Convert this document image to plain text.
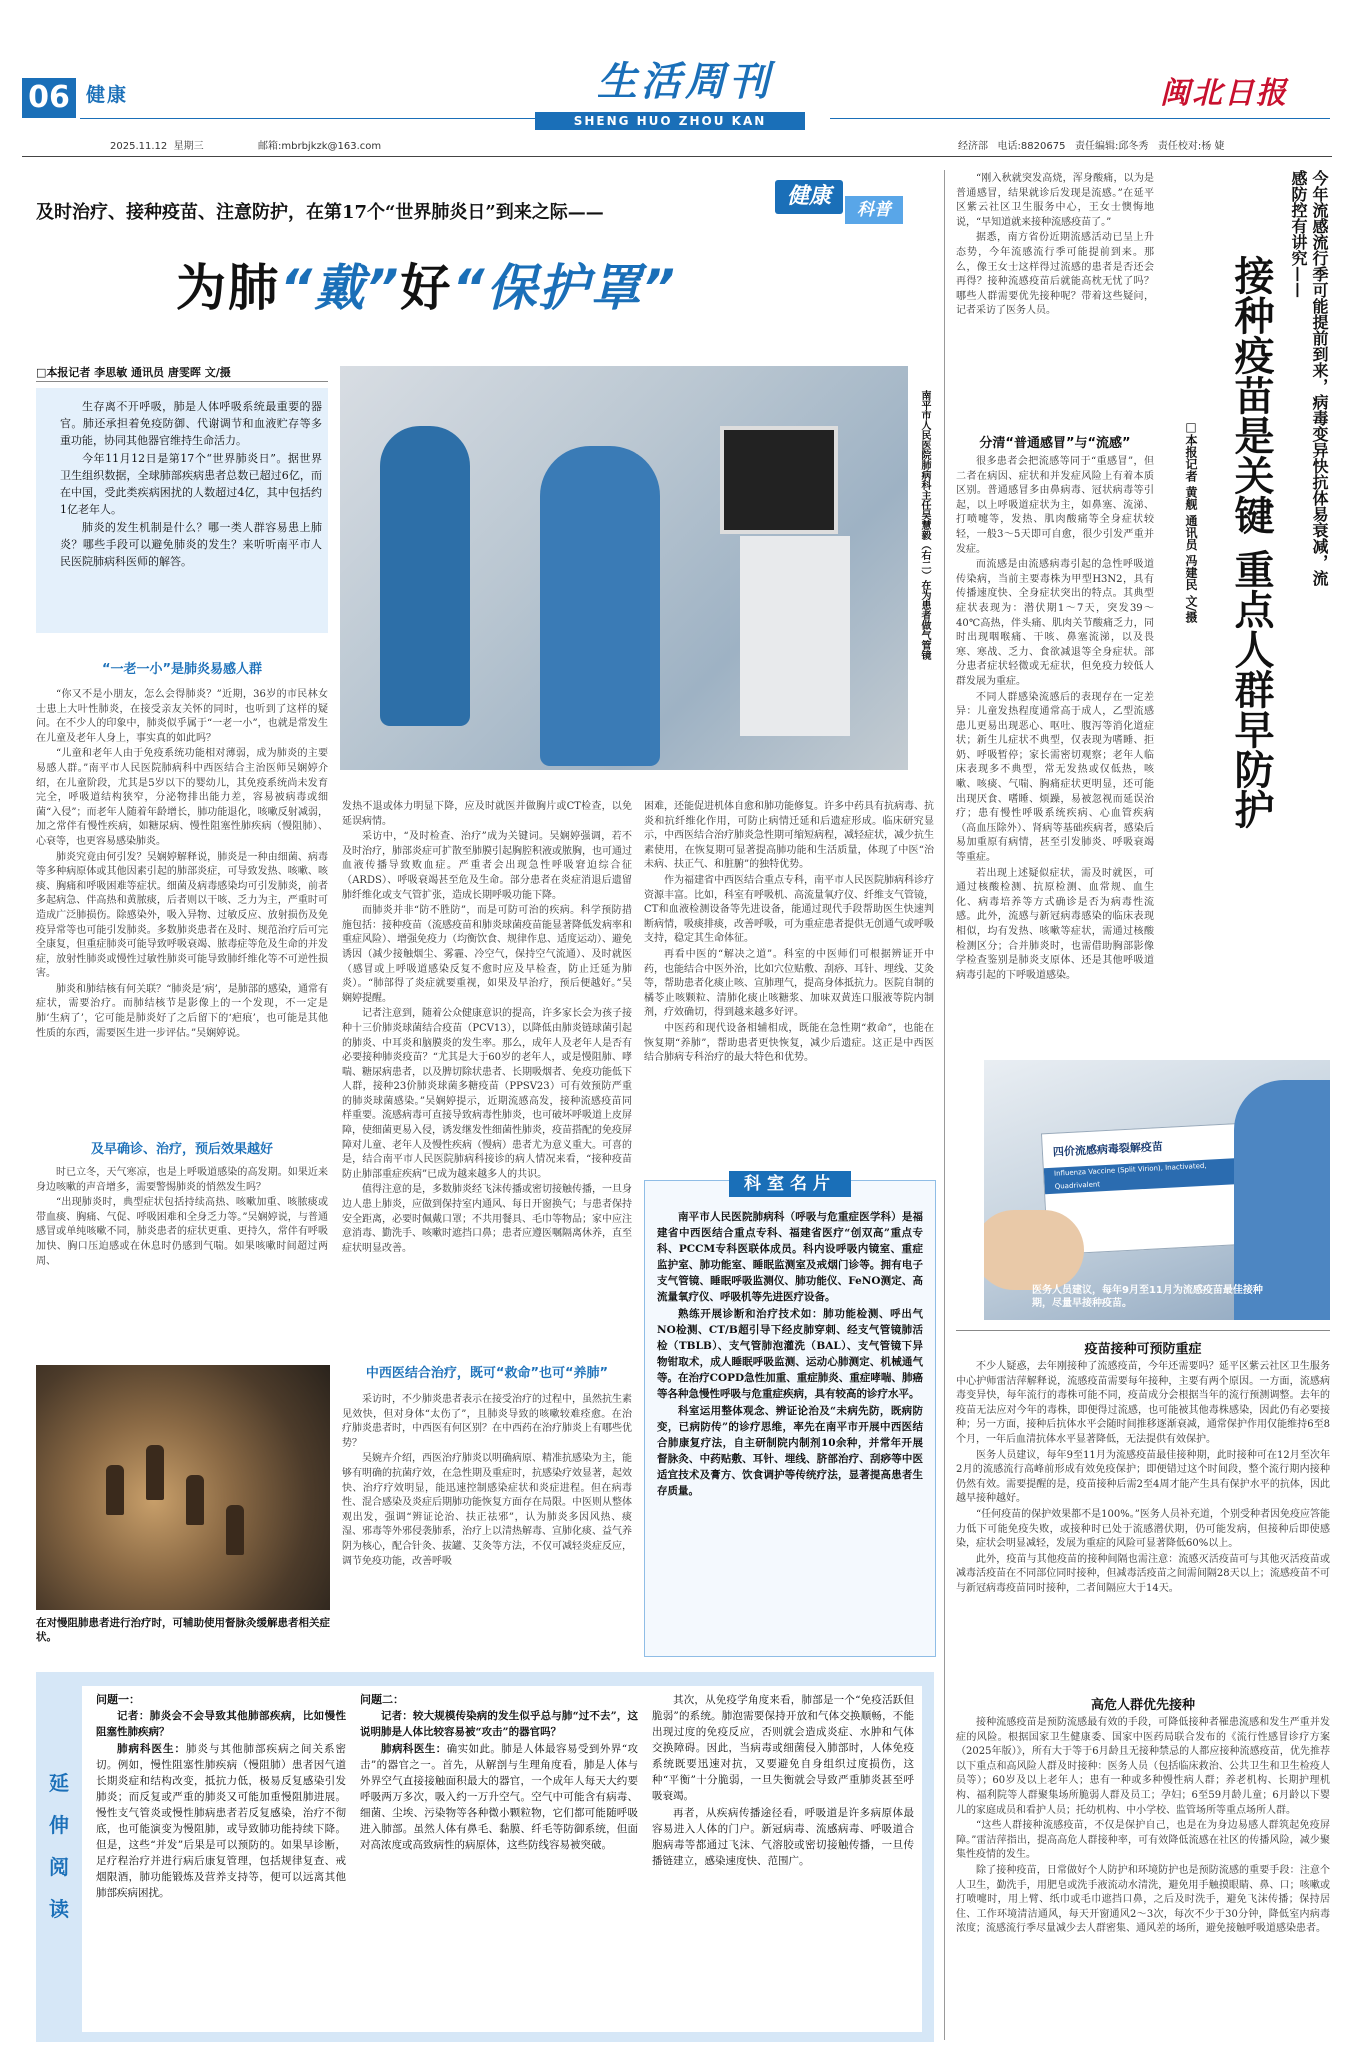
06 健康
2025.11.12 星期三	邮箱:mbrbjkzk@163.com
生活周刊
SHENG HUO ZHOU KAN
闽北日报
经济部 电话:8820675 责任编辑:邱冬秀 责任校对:杨 婕
及时治疗、接种疫苗、注意防护，在第17个“世界肺炎日”到来之际——
健康
科普
为肺“戴”好“保护罩”
□本报记者 李思敏 通讯员 唐雯晖 文/摄

生存离不开呼吸，肺是人体呼吸系统最重要的器官。肺还承担着免疫防御、代谢调节和血液贮存等多重功能，协同其他器官维持生命活力。

今年11月12日是第17个“世界肺炎日”。据世界卫生组织数据，全球肺部疾病患者总数已超过6亿，而在中国，受此类疾病困扰的人数超过4亿，其中包括约1亿老年人。

肺炎的发生机制是什么？哪一类人群容易患上肺炎？哪些手段可以避免肺炎的发生？来听听南平市人民医院肺病科医师的解答。	南平市人民医院肺病科主任吴慧毅（右二）在为患者做气管镜
“一老一小”是肺炎易感人群

“你又不是小朋友，怎么会得肺炎？”近期，36岁的市民林女士患上大叶性肺炎，在接受亲友关怀的同时，也听到了这样的疑问。在不少人的印象中，肺炎似乎属于“一老一小”，也就是常发生在儿童及老年人身上，事实真的如此吗？

“儿童和老年人由于免疫系统功能相对薄弱，成为肺炎的主要易感人群。”南平市人民医院肺病科中西医结合主治医师吴娴婷介绍，在儿童阶段，尤其是5岁以下的婴幼儿，其免疫系统尚未发育完全，呼吸道结构狭窄，分泌物排出能力差，容易被病毒或细菌“入侵”；而老年人随着年龄增长，肺功能退化，咳嗽反射减弱，加之常伴有慢性疾病，如糖尿病、慢性阻塞性肺疾病（慢阻肺）、心衰等，也更容易感染肺炎。

肺炎究竟由何引发？吴娴婷解释说，肺炎是一种由细菌、病毒等多种病原体或其他因素引起的肺部炎症，可导致发热、咳嗽、咳痰、胸痛和呼吸困难等症状。细菌及病毒感染均可引发肺炎，前者多起病急、伴高热和黄脓痰，后者则以干咳、乏力为主，严重时可造成广泛肺损伤。除感染外，吸入异物、过敏反应、放射损伤及免疫异常等也可能引发肺炎。多数肺炎患者在及时、规范治疗后可完全康复，但重症肺炎可能导致呼吸衰竭、脓毒症等危及生命的并发症，放射性肺炎或慢性过敏性肺炎可能导致肺纤维化等不可逆性损害。

肺炎和肺结核有何关联？“肺炎是‘病’，是肺部的感染，通常有症状，需要治疗。而肺结核节是影像上的一个发现，不一定是肺‘生病了’，它可能是肺炎好了之后留下的‘疤痕’，也可能是其他性质的东西，需要医生进一步评估。”吴娴婷说。

及早确诊、治疗，预后效果越好

时已立冬，天气寒凉，也是上呼吸道感染的高发期。如果近来身边咳嗽的声音增多，需要警惕肺炎的悄然发生吗？

“出现肺炎时，典型症状包括持续高热、咳嗽加重、咳脓痰或带血痰、胸痛、气促、呼吸困难和全身乏力等。”吴娴婷说，与普通感冒或单纯咳嗽不同，肺炎患者的症状更重、更持久，常伴有呼吸加快、胸口压迫感或在休息时仍感到气喘。如果咳嗽时间超过两周、

在对慢阻肺患者进行治疗时，可辅助使用督脉灸缓解患者相关症状。

发热不退或体力明显下降，应及时就医并做胸片或CT检查，以免延误病情。

采访中，“及时检查、治疗”成为关键词。吴娴婷强调，若不及时治疗，肺部炎症可扩散至肺膜引起胸腔积液或脓胸，也可通过血液传播导致败血症。严重者会出现急性呼吸窘迫综合征（ARDS）、呼吸衰竭甚至危及生命。部分患者在炎症消退后遗留肺纤维化或支气管扩张，造成长期呼吸功能下降。

而肺炎并非“防不胜防”，而是可防可治的疾病。科学预防措施包括：接种疫苗（流感疫苗和肺炎球菌疫苗能显著降低发病率和重症风险）、增强免疫力（均衡饮食、规律作息、适度运动）、避免诱因（减少接触烟尘、雾霾、冷空气，保持空气流通）、及时就医（感冒或上呼吸道感染反复不愈时应及早检查，防止迁延为肺炎）。“肺部得了炎症就要重视，如果及早治疗，预后便越好。”吴娴婷提醒。

记者注意到，随着公众健康意识的提高，许多家长会为孩子接种十三价肺炎球菌结合疫苗（PCV13），以降低由肺炎链球菌引起的肺炎、中耳炎和脑膜炎的发生率。那么，成年人及老年人是否有必要接种肺炎疫苗？“尤其是大于60岁的老年人，或是慢阻肺、哮喘、糖尿病患者，以及脾切除状患者、长期吸烟者、免疫功能低下人群，接种23价肺炎球菌多糖疫苗（PPSV23）可有效预防严重的肺炎球菌感染。”吴娴婷提示，近期流感高发，接种流感疫苗同样重要。流感病毒可直接导致病毒性肺炎，也可破坏呼吸道上皮屏障，使细菌更易入侵，诱发继发性细菌性肺炎，疫苗搭配的免疫屏障对儿童、老年人及慢性疾病（慢病）患者尤为意义重大。可喜的是，结合南平市人民医院肺病科接诊的病人情况来看，“接种疫苗防止肺部重症疾病”已成为越来越多人的共识。

值得注意的是，多数肺炎经飞沫传播或密切接触传播，一旦身边人患上肺炎，应做到保持室内通风、每日开窗换气；与患者保持安全距离，必要时佩戴口罩；不共用餐具、毛巾等物品；家中应注意消毒、勤洗手、咳嗽时遮挡口鼻；患者应遵医嘱隔离休养，直至症状明显改善。

中西医结合治疗，既可“救命”也可“养肺”

采访时，不少肺炎患者表示在接受治疗的过程中，虽然抗生素见效快，但对身体“太伤了”，且肺炎导致的咳嗽较难痊愈。在治疗肺炎患者时，中西医有何区别？在中西药在治疗肺炎上有哪些优势？

吴婉卉介绍，西医治疗肺炎以明确病原、精准抗感染为主，能够有明确的抗菌疗效，在急性期及重症时，抗感染疗效显著，起效快、治疗疗效明显，能迅速控制感染症状和炎症进程。但在病毒性、混合感染及炎症后期肺功能恢复方面存在局限。中医则从整体观出发，强调“辨证论治、扶正祛邪”，认为肺炎多因风热、痰湿、邪毒等外邪侵袭肺系，治疗上以清热解毒、宣肺化痰、益气养阴为核心，配合针灸、拔罐、艾灸等方法，不仅可减轻炎症反应，调节免疫功能，改善呼吸

困难，还能促进机体自愈和肺功能修复。许多中药具有抗病毒、抗炎和抗纤维化作用，可防止病情迁延和后遗症形成。临床研究显示，中西医结合治疗肺炎急性期可缩短病程，减轻症状，减少抗生素使用，在恢复期可显著提高肺功能和生活质量，体现了中医“治未病、扶正气、和脏腑”的独特优势。

作为福建省中西医结合重点专科，南平市人民医院肺病科诊疗资源丰富。比如，科室有呼吸机、高流量氧疗仪、纤维支气管镜，CT和血液检测设备等先进设备，能通过现代手段帮助医生快速判断病情，吸痰排痰，改善呼吸，可为重症患者提供无创通气或呼吸支持，稳定其生命体征。

再看中医的“解决之道”。科室的中医师们可根据辨证开中药，也能结合中医外治，比如穴位贴敷、刮痧、耳针、埋线、艾灸等，帮助患者化痰止咳、宣肺理气，提高身体抵抗力。医院自制的橘苓止咳颗粒、清肺化痰止咳糖浆、加味双黄连口服液等院内制剂，疗效确切，得到越来越多好评。

中医药和现代设备相辅相成，既能在急性期“救命”，也能在恢复期“养肺”，帮助患者更快恢复，减少后遗症。这正是中西医结合肺病专科治疗的最大特色和优势。

科室名片

南平市人民医院肺病科（呼吸与危重症医学科）是福建省中西医结合重点专科、福建省医疗“创双高”重点专科、PCCM专科医联体成员。科内设呼吸内镜室、重症监护室、肺功能室、睡眠监测室及戒烟门诊等。拥有电子支气管镜、睡眠呼吸监测仪、肺功能仪、FeNO测定、高流量氧疗仪、呼吸机等先进医疗设备。

熟练开展诊断和治疗技术如：肺功能检测、呼出气NO检测、CT/B超引导下经皮肺穿刺、经支气管镜肺活检（TBLB）、支气管肺泡灌洗（BAL）、支气管镜下异物钳取术，成人睡眠呼吸监测、运动心肺测定、机械通气等。在治疗COPD急性加重、重症肺炎、重症哮喘、肺癌等各种急慢性呼吸与危重症疾病，具有较高的诊疗水平。

科室运用整体观念、辨证论治及“未病先防，既病防变，已病防传”的诊疗思维，率先在南平市开展中西医结合肺康复疗法，自主研制院内制剂10余种，并常年开展督脉灸、中药贴敷、耳针、埋线、脐部治疗、刮痧等中医适宜技术及膏方、饮食调护等传统疗法，显著提高患者生存质量。

延
伸
阅
读
问题一：

记者：肺炎会不会导致其他肺部疾病，比如慢性阻塞性肺疾病？

肺病科医生：肺炎与其他肺部疾病之间关系密切。例如，慢性阻塞性肺疾病（慢阻肺）患者因气道长期炎症和结构改变，抵抗力低，极易反复感染引发肺炎；而反复或严重的肺炎又可能加重慢阻肺进展。慢性支气管炎或慢性肺病患者若反复感染，治疗不彻底，也可能演变为慢阻肺，或导致肺功能持续下降。但是，这些“并发”后果是可以预防的。如果早诊断，足疗程治疗并进行病后康复管理，包括规律复查、戒烟限酒，肺功能锻炼及营养支持等，便可以远离其他肺部疾病困扰。

问题二：

记者：较大规模传染病的发生似乎总与肺“过不去”，这说明肺是人体比较容易被“攻击”的器官吗？

肺病科医生：确实如此。肺是人体最容易受到外界“攻击”的器官之一。首先，从解剖与生理角度看，肺是人体与外界空气直接接触面积最大的器官，一个成年人每天大约要呼吸两万多次，吸入约一万升空气。空气中可能含有病毒、细菌、尘埃、污染物等各种微小颗粒物，它们都可能随呼吸进入肺部。虽然人体有鼻毛、黏膜、纤毛等防御系统，但面对高浓度或高致病性的病原体，这些防线容易被突破。

其次，从免疫学角度来看，肺部是一个“免疫活跃但脆弱”的系统。肺泡需要保持开放和气体交换顺畅，不能出现过度的免疫反应，否则就会造成炎症、水肿和气体交换障碍。因此，当病毒或细菌侵入肺部时，人体免疫系统既要迅速对抗，又要避免自身组织过度损伤，这种“平衡”十分脆弱，一旦失衡就会导致严重肺炎甚至呼吸衰竭。

再者，从疾病传播途径看，呼吸道是许多病原体最容易进入人体的门户。新冠病毒、流感病毒、呼吸道合胞病毒等都通过飞沫、气溶胶或密切接触传播，一旦传播链建立，感染速度快、范围广。

“刚入秋就突发高烧，浑身酸痛，以为是普通感冒，结果就诊后发现是流感。”在延平区紫云社区卫生服务中心，王女士懊悔地说，“早知道就来接种流感疫苗了。”

据悉，南方省份近期流感活动已呈上升态势，今年流感流行季可能提前到来。那么，像王女士这样得过流感的患者是否还会再得？接种流感疫苗后就能高枕无忧了吗？哪些人群需要优先接种呢？带着这些疑问，记者采访了医务人员。	今年流感流行季可能提前到来，病毒变异快抗体易衰减，流感防控有讲究——
接种疫苗是关键 重点人群早防护
□本报记者 黄舰 通讯员 冯建民 文/摄
分清“普通感冒”与“流感”

很多患者会把流感等同于“重感冒”，但二者在病因、症状和并发症风险上有着本质区别。普通感冒多由鼻病毒、冠状病毒等引起，以上呼吸道症状为主，如鼻塞、流涕、打喷嚏等，发热、肌肉酸痛等全身症状较轻，一般3～5天即可自愈，很少引发严重并发症。

而流感是由流感病毒引起的急性呼吸道传染病，当前主要毒株为甲型H3N2，具有传播速度快、全身症状突出的特点。其典型症状表现为：潜伏期1～7天，突发39～40℃高热，伴头痛、肌肉关节酸痛乏力，同时出现咽喉痛、干咳、鼻塞流涕，以及畏寒、寒战、乏力、食欲减退等全身症状。部分患者症状轻微或无症状，但免疫力较低人群发展为重症。

不同人群感染流感后的表现存在一定差异：儿童发热程度通常高于成人，乙型流感患儿更易出现恶心、呕吐、腹泻等消化道症状；新生儿症状不典型，仅表现为嗜睡、拒奶、呼吸暂停；家长需密切观察；老年人临床表现多不典型，常无发热或仅低热，咳嗽、咳痰、气喘、胸痛症状更明显，还可能出现厌食、嗜睡、烦躁，易被忽视而延误治疗；患有慢性呼吸系统疾病、心血管疾病（高血压除外）、肾病等基础疾病者，感染后易加重原有病情，甚至引发肺炎、呼吸衰竭等重症。

若出现上述疑似症状，需及时就医，可通过核酸检测、抗原检测、血常规、血生化、病毒培养等方式确诊是否为病毒性流感。此外，流感与新冠病毒感染的临床表现相似，均有发热、咳嗽等症状，需通过核酸检测区分；合并肺炎时，也需借助胸部影像学检查鉴别是肺炎支原体、还是其他呼吸道病毒引起的下呼吸道感染。

四价流感病毒裂解疫苗
Influenza Vaccine (Split Virion), Inactivated, Quadrivalent
医务人员建议，每年9月至11月为流感疫苗最佳接种期，尽量早接种疫苗。
疫苗接种可预防重症

不少人疑惑，去年刚接种了流感疫苗，今年还需要吗？延平区紫云社区卫生服务中心护师雷洁萍解释说，流感疫苗需要每年接种，主要有两个原因。一方面，流感病毒变异快，每年流行的毒株可能不同，疫苗成分会根据当年的流行预测调整。去年的疫苗无法应对今年的毒株，即便得过流感，也可能被其他毒株感染，因此仍有必要接种；另一方面，接种后抗体水平会随时间推移逐渐衰减，通常保护作用仅能维持6至8个月，一年后血清抗体水平显著降低，无法提供有效保护。

医务人员建议，每年9至11月为流感疫苗最佳接种期，此时接种可在12月至次年2月的流感流行高峰前形成有效免疫保护；即便错过这个时间段，整个流行期内接种仍然有效。需要提醒的是，疫苗接种后需2至4周才能产生具有保护水平的抗体，因此越早接种越好。

“任何疫苗的保护效果都不是100%。”医务人员补充道，个别受种者因免疫应答能力低下可能免疫失败，或接种时已处于流感潜伏期，仍可能发病，但接种后即使感染，症状会明显减轻，发展为重症的风险可显著降低60%以上。

此外，疫苗与其他疫苗的接种间隔也需注意：流感灭活疫苗可与其他灭活疫苗或减毒活疫苗在不同部位同时接种，但减毒活疫苗之间需间隔28天以上；流感疫苗不可与新冠病毒疫苗同时接种，二者间隔应大于14天。

高危人群优先接种

接种流感疫苗是预防流感最有效的手段，可降低接种者罹患流感和发生严重并发症的风险。根据国家卫生健康委、国家中医药局联合发布的《流行性感冒诊疗方案（2025年版）》，所有大于等于6月龄且无接种禁忌的人都应接种流感疫苗，优先推荐以下重点和高风险人群及时接种：医务人员（包括临床救治、公共卫生和卫生检疫人员等）；60岁及以上老年人；患有一种或多种慢性病人群；养老机构、长期护理机构、福利院等人群聚集场所脆弱人群及员工；孕妇；6至59月龄儿童；6月龄以下婴儿的家庭成员和看护人员；托幼机构、中小学校、监管场所等重点场所人群。

“这些人群接种流感疫苗，不仅是保护自己，也是在为身边易感人群筑起免疫屏障。”雷洁萍指出，提高高危人群接种率，可有效降低流感在社区的传播风险，减少聚集性疫情的发生。

除了接种疫苗，日常做好个人防护和环境防护也是预防流感的重要手段：注意个人卫生，勤洗手，用肥皂或洗手液流动水清洗，避免用手触摸眼睛、鼻、口；咳嗽或打喷嚏时，用上臂、纸巾或毛巾遮挡口鼻，之后及时洗手，避免飞沫传播；保持居住、工作环境清洁通风，每天开窗通风2～3次，每次不少于30分钟，降低室内病毒浓度；流感流行季尽量减少去人群密集、通风差的场所，避免接触呼吸道感染患者。
